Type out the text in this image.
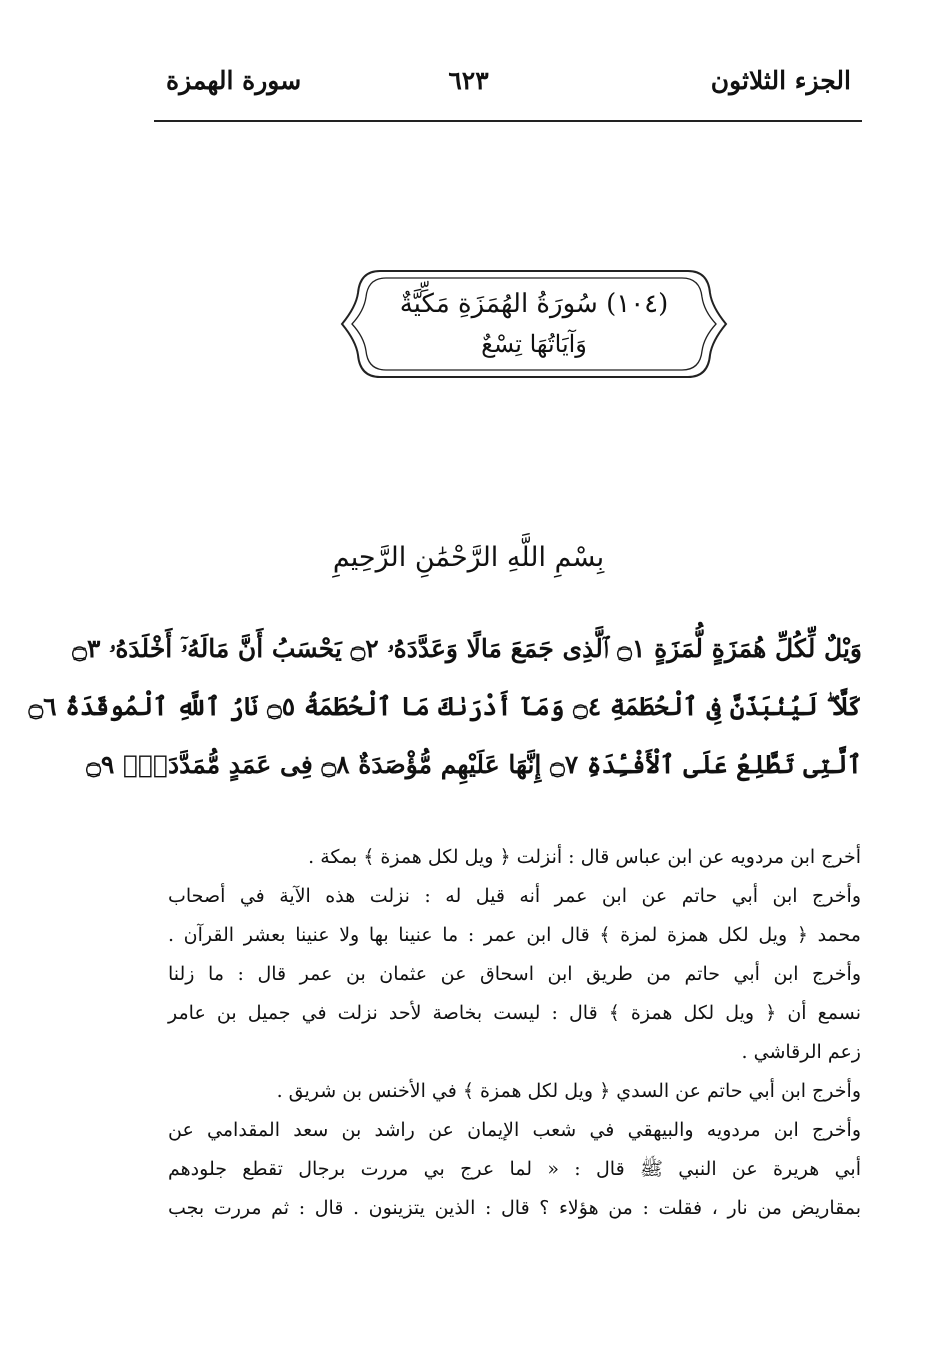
الجزء الثلاثون
٦٢٣
سورة الهمزة
(١٠٤) سُورَةُ الهُمَزَةِ مَكِّيَّةٌ
وَآيَاتُهَا تِسْعٌ
بِسْمِ اللَّهِ الرَّحْمَٰنِ الرَّحِيمِ
وَيْلٌ لِّكُلِّ هُمَزَةٍ لُّمَزَةٍ ۝١ ٱلَّذِى جَمَعَ مَالًا وَعَدَّدَهُۥ ۝٢ يَحْسَبُ أَنَّ مَالَهُۥٓ أَخْلَدَهُۥ ۝٣
كَلَّا ۖ لَيُنۢبَذَنَّ فِى ٱلْحُطَمَةِ ۝٤ وَمَآ أَدْرَىٰكَ مَا ٱلْحُطَمَةُ ۝٥ نَارُ ٱللَّهِ ٱلْمُوقَدَةُ ۝٦
ٱلَّتِى تَطَّلِعُ عَلَى ٱلْأَفْـِٔدَةِ ۝٧ إِنَّهَا عَلَيْهِم مُّؤْصَدَةٌ ۝٨ فِى عَمَدٍ مُّمَدَّدَةٍۭ ۝٩
أخرج ابن مردويه عن ابن عباس قال : أنزلت ﴿ ويل لكل همزة ﴾ بمكة .
وأخرج ابن أبي حاتم عن ابن عمر أنه قيل له : نزلت هذه الآية في أصحاب
محمد ﴿ ويل لكل همزة لمزة ﴾ قال ابن عمر : ما عنينا بها ولا عنينا بعشر القرآن .
وأخرج ابن أبي حاتم من طريق ابن اسحاق عن عثمان بن عمر قال : ما زلنا
نسمع أن ﴿ ويل لكل همزة ﴾ قال : ليست بخاصة لأحد نزلت في جميل بن عامر
زعم الرقاشي .
وأخرج ابن أبي حاتم عن السدي ﴿ ويل لكل همزة ﴾ في الأخنس بن شريق .
وأخرج ابن مردويه والبيهقي في شعب الإيمان عن راشد بن سعد المقدامي عن
أبي هريرة عن النبي ﷺ قال : « لما عرج بي مررت برجال تقطع جلودهم
بمقاريض من نار ، فقلت : من هؤلاء ؟ قال : الذين يتزينون . قال : ثم مررت بجب
